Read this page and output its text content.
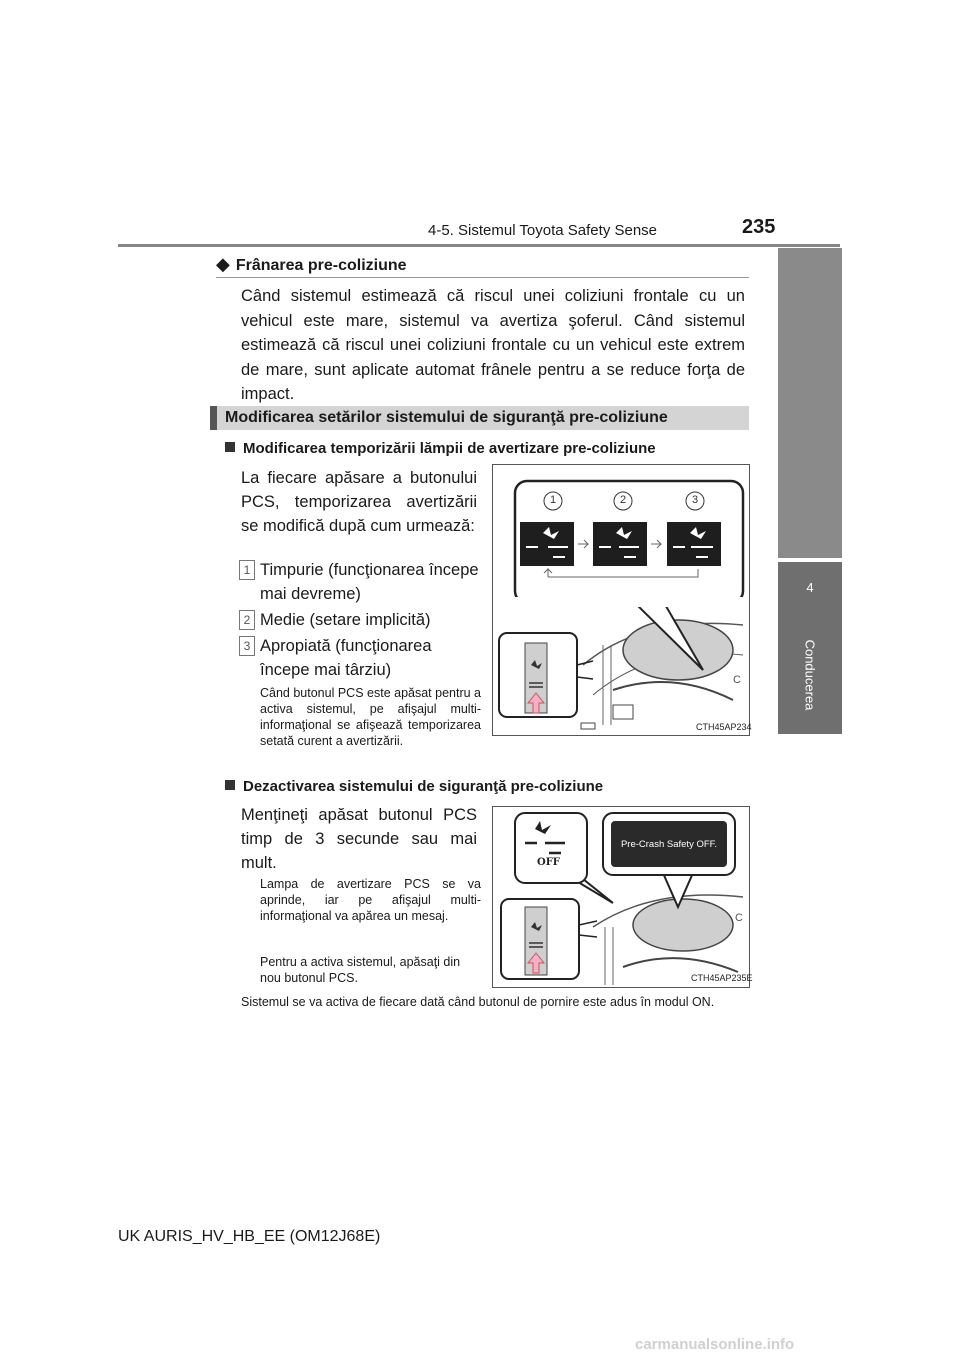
4-5. Sistemul Toyota Safety Sense	235
4
Conducerea
◆ Frânarea pre-coliziune
Când sistemul estimează că riscul unei coliziuni frontale cu un vehicul este mare, sistemul va avertiza şoferul. Când sistemul estimează că riscul unei coliziuni frontale cu un vehicul este extrem de mare, sunt aplicate automat frânele pentru a se reduce forţa de impact.
Modificarea setărilor sistemului de siguranţă pre-coliziune
Modificarea temporizării lămpii de avertizare pre-coliziune
La fiecare apăsare a butonului PCS, temporizarea avertizării se modifică după cum urmează:
1 Timpurie (funcţionarea începe mai devreme)
2 Medie (setare implicită)
3 Apropiată (funcţionarea începe mai târziu)
Când butonul PCS este apăsat pentru a activa sistemul, pe afişajul multi-informaţional se afişează temporizarea setată curent a avertizării.
C
1	2	3
CTH45AP234
Dezactivarea sistemului de siguranţă pre-coliziune
Menţineţi apăsat butonul PCS timp de 3 secunde sau mai mult.
Lampa de avertizare PCS se va aprinde, iar pe afişajul multi-informaţional va apărea un mesaj.
Pentru a activa sistemul, apăsaţi din nou butonul PCS.
Sistemul se va activa de fiecare dată când butonul de pornire este adus în modul ON.
C
OFF
Pre-Crash Safety OFF.
CTH45AP235E
UK AURIS_HV_HB_EE (OM12J68E)
carmanualsonline.info
